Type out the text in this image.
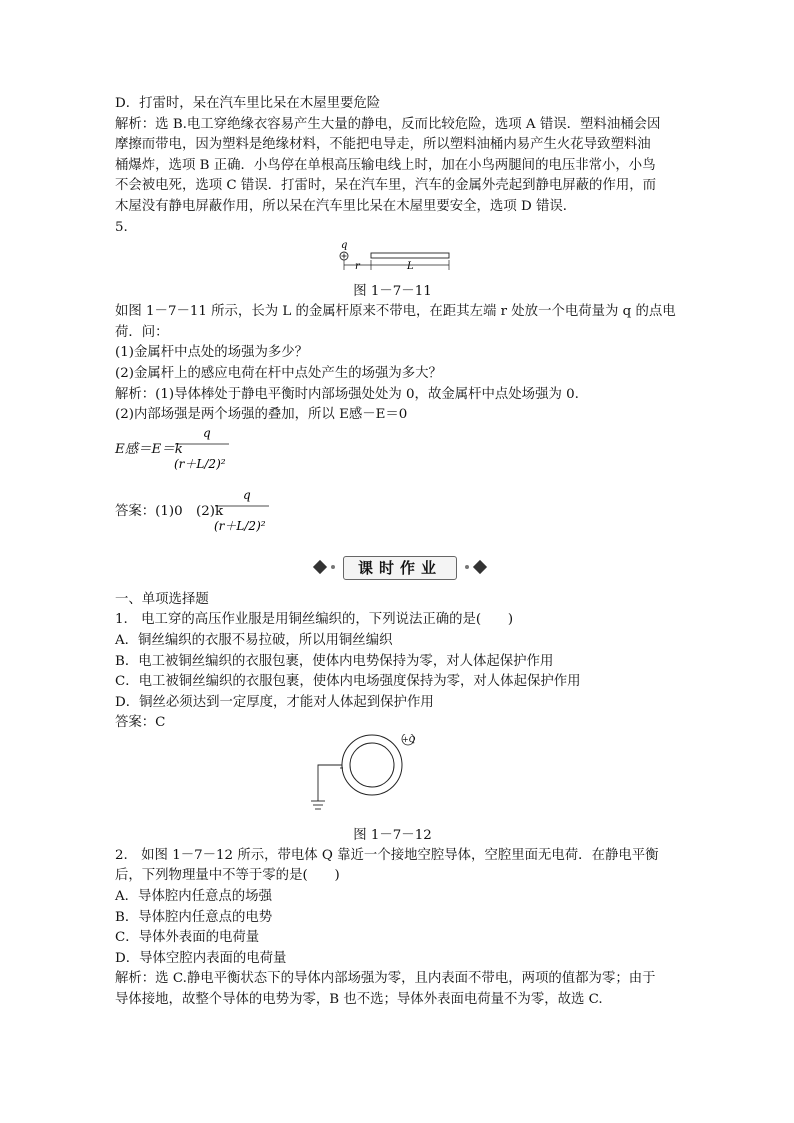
D．打雷时，呆在汽车里比呆在木屋里要危险

解析：选 B.电工穿绝缘衣容易产生大量的静电，反而比较危险，选项 A 错误．塑料油桶会因

摩擦而带电，因为塑料是绝缘材料，不能把电导走，所以塑料油桶内易产生火花导致塑料油

桶爆炸，选项 B 正确．小鸟停在单根高压输电线上时，加在小鸟两腿间的电压非常小，小鸟

不会被电死，选项 C 错误．打雷时，呆在汽车里，汽车的金属外壳起到静电屏蔽的作用，而

木屋没有静电屏蔽作用，所以呆在汽车里比呆在木屋里要安全，选项 D 错误．

5.

q
r	L

图 1－7－11

如图 1－7－11 所示，长为 L 的金属杆原来不带电，在距其左端 r 处放一个电荷量为 q 的点电

荷．问：

(1)金属杆中点处的场强为多少？

(2)金属杆上的感应电荷在杆中点处产生的场强为多大？

解析：(1)导体棒处于静电平衡时内部场强处处为 0，故金属杆中点处场强为 0.

(2)内部场强是两个场强的叠加，所以 E感－E＝0

E感＝E＝k
q
(r＋L/2)²
答案：(1)0　(2)k
q
(r＋L/2)²
课时作业

一、单项选择题

1.　电工穿的高压作业服是用铜丝编织的，下列说法正确的是(　　)

A．铜丝编织的衣服不易拉破，所以用铜丝编织

B．电工被铜丝编织的衣服包裹，使体内电势保持为零，对人体起保护作用

C．电工被铜丝编织的衣服包裹，使体内电场强度保持为零，对人体起保护作用

D．铜丝必须达到一定厚度，才能对人体起到保护作用

答案：C

+Q

图 1－7－12

2.　如图 1－7－12 所示，带电体 Q 靠近一个接地空腔导体，空腔里面无电荷．在静电平衡

后，下列物理量中不等于零的是(　　)

A．导体腔内任意点的场强

B．导体腔内任意点的电势

C．导体外表面的电荷量

D．导体空腔内表面的电荷量

解析：选 C.静电平衡状态下的导体内部场强为零，且内表面不带电，两项的值都为零；由于

导体接地，故整个导体的电势为零，B 也不选；导体外表面电荷量不为零，故选 C.
